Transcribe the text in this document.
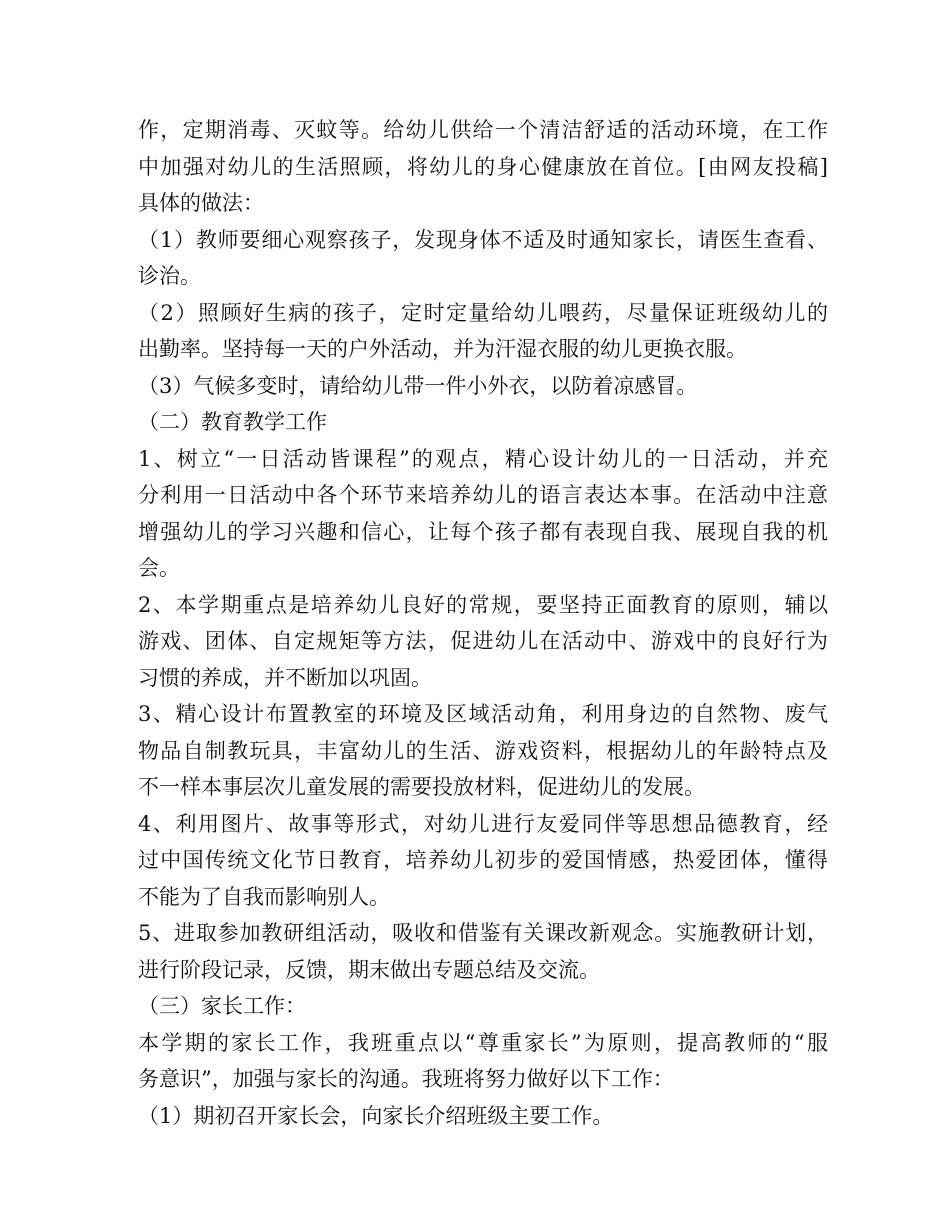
作，定期消毒、灭蚊等。给幼儿供给一个清洁舒适的活动环境，在工作
中加强对幼儿的生活照顾，将幼儿的身心健康放在首位。[由网友投稿]
具体的做法：
（1）教师要细心观察孩子，发现身体不适及时通知家长，请医生查看、
诊治。
（2）照顾好生病的孩子，定时定量给幼儿喂药，尽量保证班级幼儿的
出勤率。坚持每一天的户外活动，并为汗湿衣服的幼儿更换衣服。
（3）气候多变时，请给幼儿带一件小外衣，以防着凉感冒。
（二）教育教学工作
1、树立“一日活动皆课程”的观点，精心设计幼儿的一日活动，并充
分利用一日活动中各个环节来培养幼儿的语言表达本事。在活动中注意
增强幼儿的学习兴趣和信心，让每个孩子都有表现自我、展现自我的机
会。
2、本学期重点是培养幼儿良好的常规，要坚持正面教育的原则，辅以
游戏、团体、自定规矩等方法，促进幼儿在活动中、游戏中的良好行为
习惯的养成，并不断加以巩固。
3、精心设计布置教室的环境及区域活动角，利用身边的自然物、废气
物品自制教玩具，丰富幼儿的生活、游戏资料，根据幼儿的年龄特点及
不一样本事层次儿童发展的需要投放材料，促进幼儿的发展。
4、利用图片、故事等形式，对幼儿进行友爱同伴等思想品德教育，经
过中国传统文化节日教育，培养幼儿初步的爱国情感，热爱团体，懂得
不能为了自我而影响别人。
5、进取参加教研组活动，吸收和借鉴有关课改新观念。实施教研计划，
进行阶段记录，反馈，期末做出专题总结及交流。
（三）家长工作：
本学期的家长工作，我班重点以“尊重家长”为原则，提高教师的“服
务意识”，加强与家长的沟通。我班将努力做好以下工作：
（1）期初召开家长会，向家长介绍班级主要工作。
